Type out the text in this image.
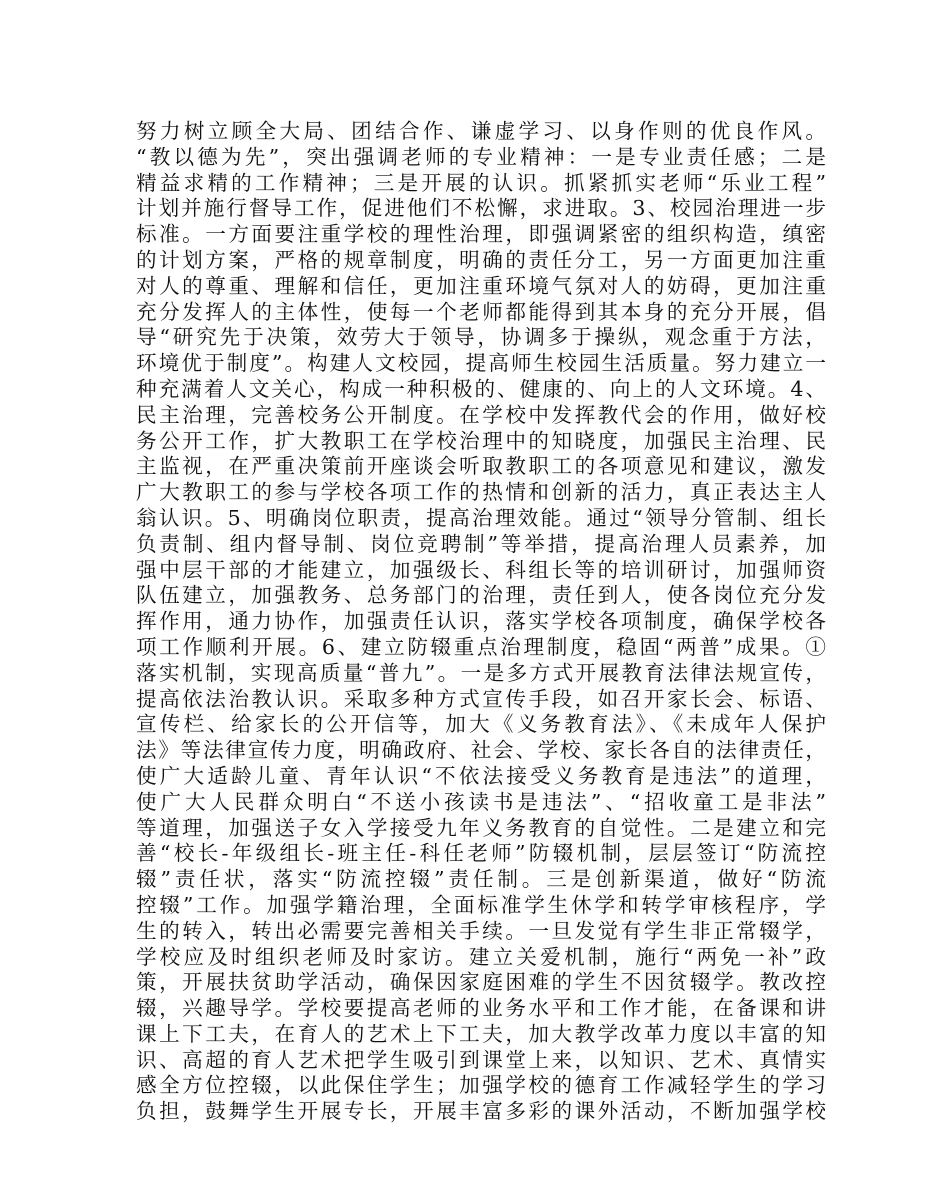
努力树立顾全大局、团结合作、谦虚学习、以身作则的优良作风。
“教以德为先”，突出强调老师的专业精神：一是专业责任感；二是
精益求精的工作精神；三是开展的认识。抓紧抓实老师“乐业工程”
计划并施行督导工作，促进他们不松懈，求进取。3、校园治理进一步
标准。一方面要注重学校的理性治理，即强调紧密的组织构造，缜密
的计划方案，严格的规章制度，明确的责任分工，另一方面更加注重
对人的尊重、理解和信任，更加注重环境气氛对人的妨碍，更加注重
充分发挥人的主体性，使每一个老师都能得到其本身的充分开展，倡
导“研究先于决策，效劳大于领导，协调多于操纵，观念重于方法，
环境优于制度”。构建人文校园，提高师生校园生活质量。努力建立一
种充满着人文关心，构成一种积极的、健康的、向上的人文环境。4、
民主治理，完善校务公开制度。在学校中发挥教代会的作用，做好校
务公开工作，扩大教职工在学校治理中的知晓度，加强民主治理、民
主监视，在严重决策前开座谈会听取教职工的各项意见和建议，激发
广大教职工的参与学校各项工作的热情和创新的活力，真正表达主人
翁认识。5、明确岗位职责，提高治理效能。通过“领导分管制、组长
负责制、组内督导制、岗位竞聘制”等举措，提高治理人员素养，加
强中层干部的才能建立，加强级长、科组长等的培训研讨，加强师资
队伍建立，加强教务、总务部门的治理，责任到人，使各岗位充分发
挥作用，通力协作，加强责任认识，落实学校各项制度，确保学校各
项工作顺利开展。6、建立防辍重点治理制度，稳固“两普”成果。①
落实机制，实现高质量“普九”。一是多方式开展教育法律法规宣传，
提高依法治教认识。采取多种方式宣传手段，如召开家长会、标语、
宣传栏、给家长的公开信等，加大《义务教育法》、《未成年人保护
法》等法律宣传力度，明确政府、社会、学校、家长各自的法律责任，
使广大适龄儿童、青年认识“不依法接受义务教育是违法”的道理，
使广大人民群众明白“不送小孩读书是违法”、“招收童工是非法”
等道理，加强送子女入学接受九年义务教育的自觉性。二是建立和完
善“校长-年级组长-班主任-科任老师”防辍机制，层层签订“防流控
辍”责任状，落实“防流控辍”责任制。三是创新渠道，做好“防流
控辍”工作。加强学籍治理，全面标准学生休学和转学审核程序，学
生的转入，转出必需要完善相关手续。一旦发觉有学生非正常辍学，
学校应及时组织老师及时家访。建立关爱机制，施行“两免一补”政
策，开展扶贫助学活动，确保因家庭困难的学生不因贫辍学。教改控
辍，兴趣导学。学校要提高老师的业务水平和工作才能，在备课和讲
课上下工夫，在育人的艺术上下工夫，加大教学改革力度以丰富的知
识、高超的育人艺术把学生吸引到课堂上来，以知识、艺术、真情实
感全方位控辍，以此保住学生；加强学校的德育工作减轻学生的学习
负担，鼓舞学生开展专长，开展丰富多彩的课外活动，不断加强学校
